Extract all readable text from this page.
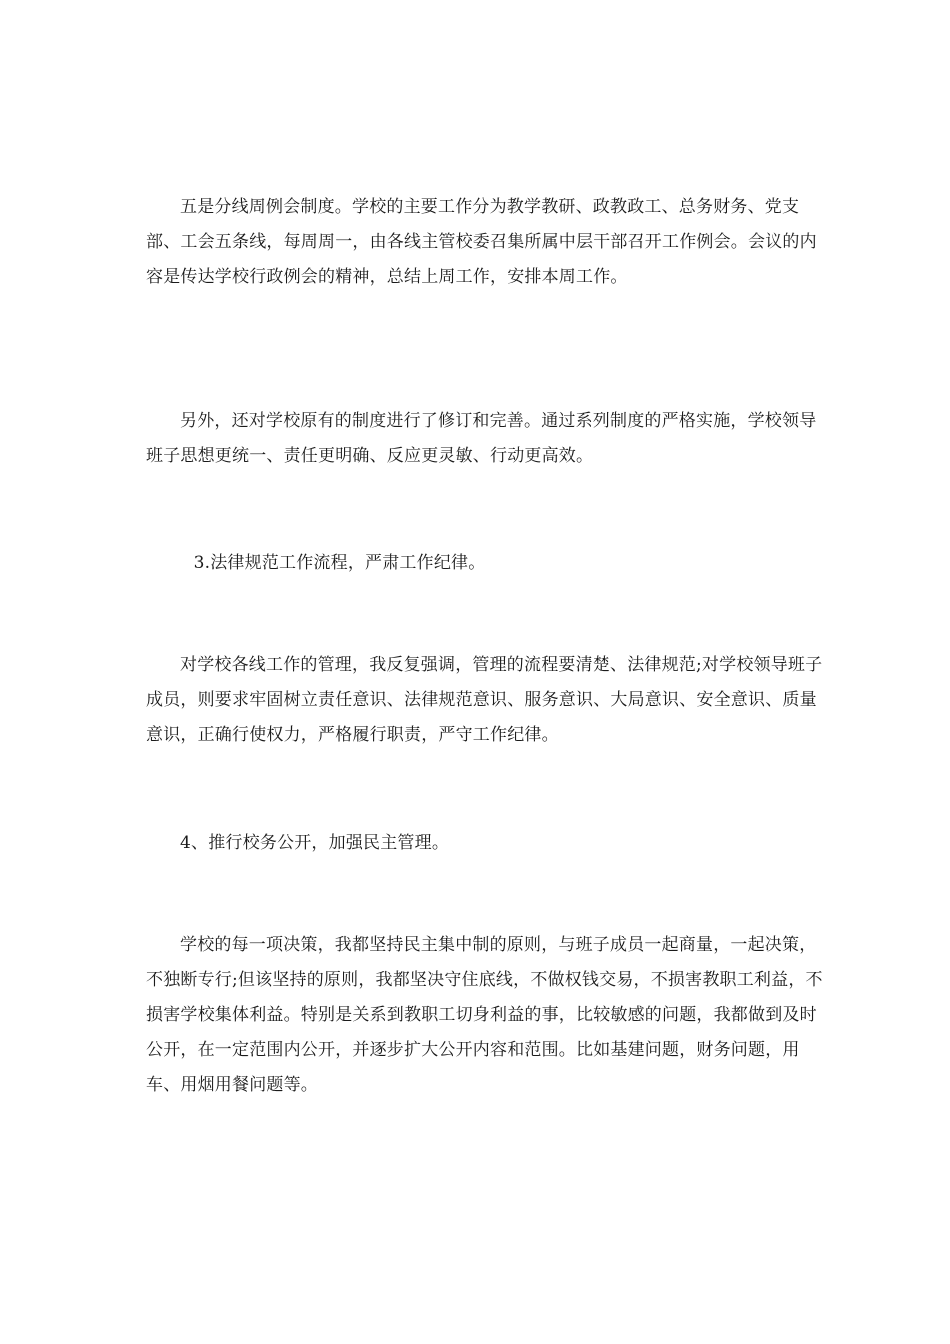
五是分线周例会制度。学校的主要工作分为教学教研、政教政工、总务财务、党支部、工会五条线，每周周一，由各线主管校委召集所属中层干部召开工作例会。会议的内容是传达学校行政例会的精神，总结上周工作，安排本周工作。

另外，还对学校原有的制度进行了修订和完善。通过系列制度的严格实施，学校领导班子思想更统一、责任更明确、反应更灵敏、行动更高效。

3.法律规范工作流程，严肃工作纪律。

对学校各线工作的管理，我反复强调，管理的流程要清楚、法律规范;对学校领导班子成员，则要求牢固树立责任意识、法律规范意识、服务意识、大局意识、安全意识、质量意识，正确行使权力，严格履行职责，严守工作纪律。

4、推行校务公开，加强民主管理。

学校的每一项决策，我都坚持民主集中制的原则，与班子成员一起商量，一起决策，不独断专行;但该坚持的原则，我都坚决守住底线，不做权钱交易，不损害教职工利益，不损害学校集体利益。特别是关系到教职工切身利益的事，比较敏感的问题，我都做到及时公开，在一定范围内公开，并逐步扩大公开内容和范围。比如基建问题，财务问题，用车、用烟用餐问题等。
